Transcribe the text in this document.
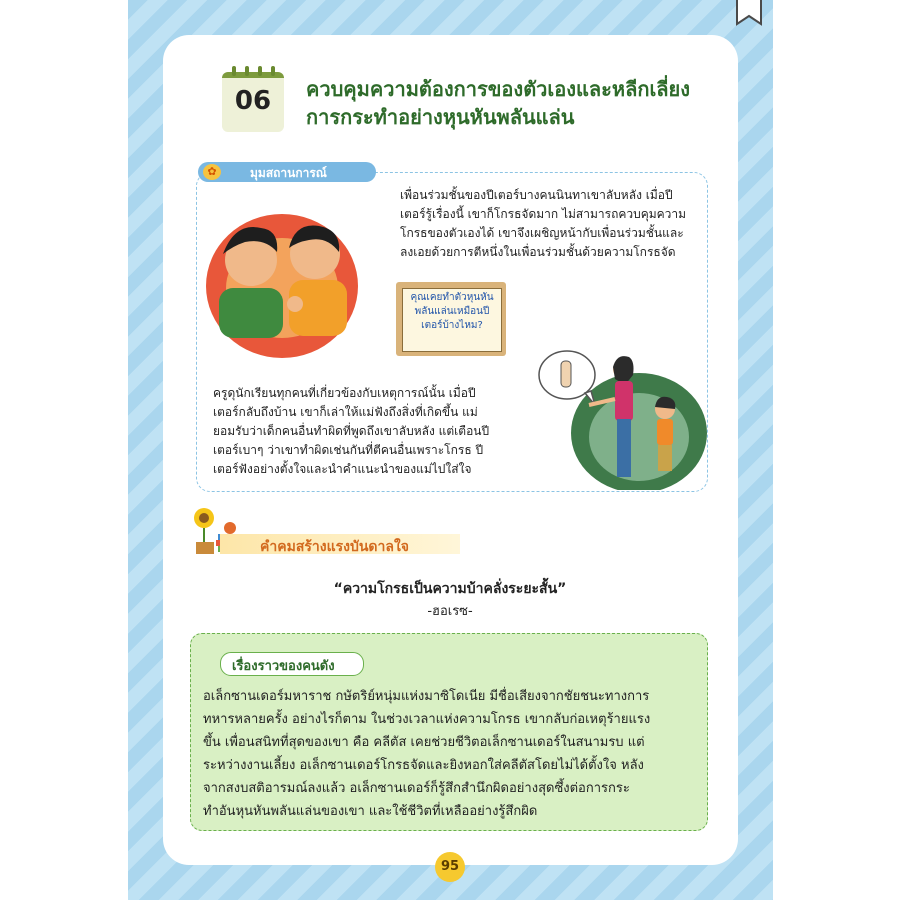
06	ควบคุมความต้องการของตัวเองและหลีกเลี่ยง
การกระทำอย่างหุนหันพลันแล่น
✿	มุมสถานการณ์
เพื่อนร่วมชั้นของปีเตอร์บางคนนินทาเขาลับหลัง เมื่อปี
เตอร์รู้เรื่องนี้ เขาก็โกรธจัดมาก ไม่สามารถควบคุมความ
โกรธของตัวเองได้ เขาจึงเผชิญหน้ากับเพื่อนร่วมชั้นและ
ลงเอยด้วยการตีหนึ่งในเพื่อนร่วมชั้นด้วยความโกรธจัด
คุณเคยทำตัวหุนหัน
พลันแล่นเหมือนปี
เตอร์บ้างไหม?
ครูดุนักเรียนทุกคนที่เกี่ยวข้องกับเหตุการณ์นั้น เมื่อปี
เตอร์กลับถึงบ้าน เขาก็เล่าให้แม่ฟังถึงสิ่งที่เกิดขึ้น แม่
ยอมรับว่าเด็กคนอื่นทำผิดที่พูดถึงเขาลับหลัง แต่เตือนปี
เตอร์เบาๆ ว่าเขาทำผิดเช่นกันที่ตีคนอื่นเพราะโกรธ ปี
เตอร์ฟังอย่างตั้งใจและนำคำแนะนำของแม่ไปใส่ใจ
คำคมสร้างแรงบันดาลใจ
“ความโกรธเป็นความบ้าคลั่งระยะสั้น”
-ฮอเรซ-
เรื่องราวของคนดัง
อเล็กซานเดอร์มหาราช กษัตริย์หนุ่มแห่งมาซิโดเนีย มีชื่อเสียงจากชัยชนะทางการ
ทหารหลายครั้ง อย่างไรก็ตาม ในช่วงเวลาแห่งความโกรธ เขากลับก่อเหตุร้ายแรง
ขึ้น เพื่อนสนิทที่สุดของเขา คือ คลีตัส เคยช่วยชีวิตอเล็กซานเดอร์ในสนามรบ แต่
ระหว่างงานเลี้ยง อเล็กซานเดอร์โกรธจัดและยิงหอกใส่คลีตัสโดยไม่ได้ตั้งใจ หลัง
จากสงบสติอารมณ์ลงแล้ว อเล็กซานเดอร์ก็รู้สึกสำนึกผิดอย่างสุดซึ้งต่อการกระ
ทำอันหุนหันพลันแล่นของเขา และใช้ชีวิตที่เหลืออย่างรู้สึกผิด
95
